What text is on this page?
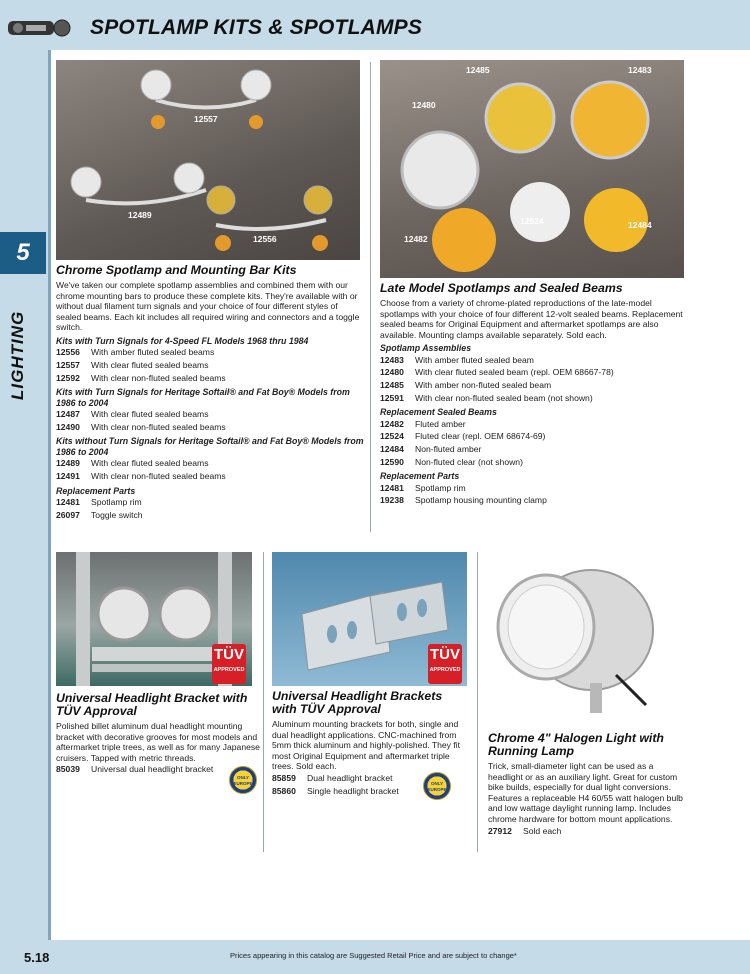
SPOTLAMP KITS & SPOTLAMPS
5
LIGHTING
12557
12489
12556
12485	12483
12480
12524	12484
12482
Chrome Spotlamp and Mounting Bar Kits

We've taken our complete spotlamp assemblies and combined them with our chrome mounting bars to produce these complete kits. They're available with or without dual filament turn signals and your choice of four different styles of sealed beams. Each kit includes all required wiring and connectors and a toggle switch.

Kits with Turn Signals for 4-Speed FL Models 1968 thru 1984
12556 With amber fluted sealed beams
12557 With clear fluted sealed beams
12592 With clear non-fluted sealed beams
Kits with Turn Signals for Heritage Softail® and Fat Boy® Models from 1986 to 2004
12487 With clear fluted sealed beams
12490 With clear non-fluted sealed beams
Kits without Turn Signals for Heritage Softail® and Fat Boy® Models from 1986 to 2004
12489 With clear fluted sealed beams
12491 With clear non-fluted sealed beams
Replacement Parts
12481 Spotlamp rim
26097 Toggle switch
Late Model Spotlamps and Sealed Beams

Choose from a variety of chrome-plated reproductions of the late-model spotlamps with your choice of four different 12-volt sealed beams. Replacement sealed beams for Original Equipment and aftermarket spotlamps are also available. Mounting clamps available separately. Sold each.

Spotlamp Assemblies
12483 With amber fluted sealed beam
12480 With clear fluted sealed beam (repl. OEM 68667-78)
12485 With amber non-fluted sealed beam
12591 With clear non-fluted sealed beam (not shown)
Replacement Sealed Beams
12482 Fluted amber
12524 Fluted clear (repl. OEM 68674-69)
12484 Non-fluted amber
12590 Non-fluted clear (not shown)
Replacement Parts
12481 Spotlamp rim
19238 Spotlamp housing mounting clamp
TÜV
APPROVED
TÜV
APPROVED
Universal Headlight Bracket with TÜV Approval

Polished billet aluminum dual headlight mounting bracket with decorative grooves for most models and aftermarket triple trees, as well as for many Japanese cruisers. Tapped with metric threads.

85039 Universal dual headlight bracket
ONLY EUROPE
Universal Headlight Brackets with TÜV Approval

Aluminum mounting brackets for both, single and dual headlight applications. CNC-machined from 5mm thick aluminum and highly-polished. They fit most Original Equipment and aftermarket triple trees. Sold each.

85859 Dual headlight bracket
85860 Single headlight bracket
ONLY EUROPE
Chrome 4" Halogen Light with Running Lamp

Trick, small-diameter light can be used as a headlight or as an auxiliary light. Great for custom bike builds, especially for dual light conversions. Features a replaceable H4 60/55 watt halogen bulb and low wattage daylight running lamp. Includes chrome hardware for bottom mount applications.

27912 Sold each
5.18	Prices appearing in this catalog are Suggested Retail Price and are subject to change*
